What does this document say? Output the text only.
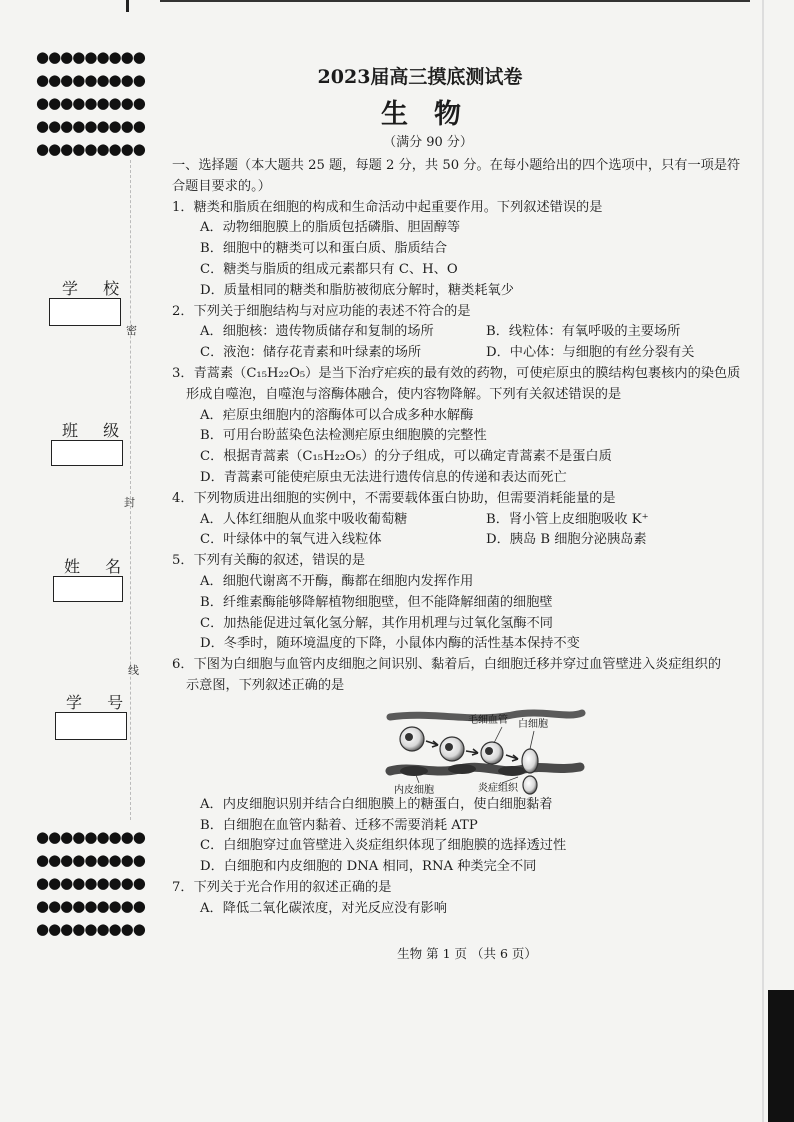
●●●●●●●●●
●●●●●●●●●
●●●●●●●●●
●●●●●●●●●
●●●●●●●●●
●●●●●●●●●
●●●●●●●●●
●●●●●●●●●
●●●●●●●●●
●●●●●●●●●
密
封
线
学 校
班 级
姓 名
学 号
2023届高三摸底测试卷
生物
（满分 90 分）
一、选择题（本大题共 25 题，每题 2 分，共 50 分。在每小题给出的四个选项中，只有一项是符
合题目要求的。）
1．糖类和脂质在细胞的构成和生命活动中起重要作用。下列叙述错误的是
A．动物细胞膜上的脂质包括磷脂、胆固醇等
B．细胞中的糖类可以和蛋白质、脂质结合
C．糖类与脂质的组成元素都只有 C、H、O
D．质量相同的糖类和脂肪被彻底分解时，糖类耗氧少
2．下列关于细胞结构与对应功能的表述不符合的是
A．细胞核：遗传物质储存和复制的场所	B．线粒体：有氧呼吸的主要场所
C．液泡：储存花青素和叶绿素的场所	D．中心体：与细胞的有丝分裂有关
3．青蒿素（C₁₅H₂₂O₅）是当下治疗疟疾的最有效的药物，可使疟原虫的膜结构包裹核内的染色质
形成自噬泡，自噬泡与溶酶体融合，使内容物降解。下列有关叙述错误的是
A．疟原虫细胞内的溶酶体可以合成多种水解酶
B．可用台盼蓝染色法检测疟原虫细胞膜的完整性
C．根据青蒿素（C₁₅H₂₂O₅）的分子组成，可以确定青蒿素不是蛋白质
D．青蒿素可能使疟原虫无法进行遗传信息的传递和表达而死亡
4．下列物质进出细胞的实例中，不需要载体蛋白协助，但需要消耗能量的是
A．人体红细胞从血浆中吸收葡萄糖	B．肾小管上皮细胞吸收 K⁺
C．叶绿体中的氧气进入线粒体	D．胰岛 B 细胞分泌胰岛素
5．下列有关酶的叙述，错误的是
A．细胞代谢离不开酶，酶都在细胞内发挥作用
B．纤维素酶能够降解植物细胞壁，但不能降解细菌的细胞壁
C．加热能促进过氧化氢分解，其作用机理与过氧化氢酶不同
D．冬季时，随环境温度的下降，小鼠体内酶的活性基本保持不变
6．下图为白细胞与血管内皮细胞之间识别、黏着后，白细胞迁移并穿过血管壁进入炎症组织的
示意图，下列叙述正确的是
毛细血管 白细胞
内皮细胞	炎症组织
A．内皮细胞识别并结合白细胞膜上的糖蛋白，使白细胞黏着
B．白细胞在血管内黏着、迁移不需要消耗 ATP
C．白细胞穿过血管壁进入炎症组织体现了细胞膜的选择透过性
D．白细胞和内皮细胞的 DNA 相同，RNA 种类完全不同
7．下列关于光合作用的叙述正确的是
A．降低二氧化碳浓度，对光反应没有影响
生物 第 1 页 （共 6 页）
